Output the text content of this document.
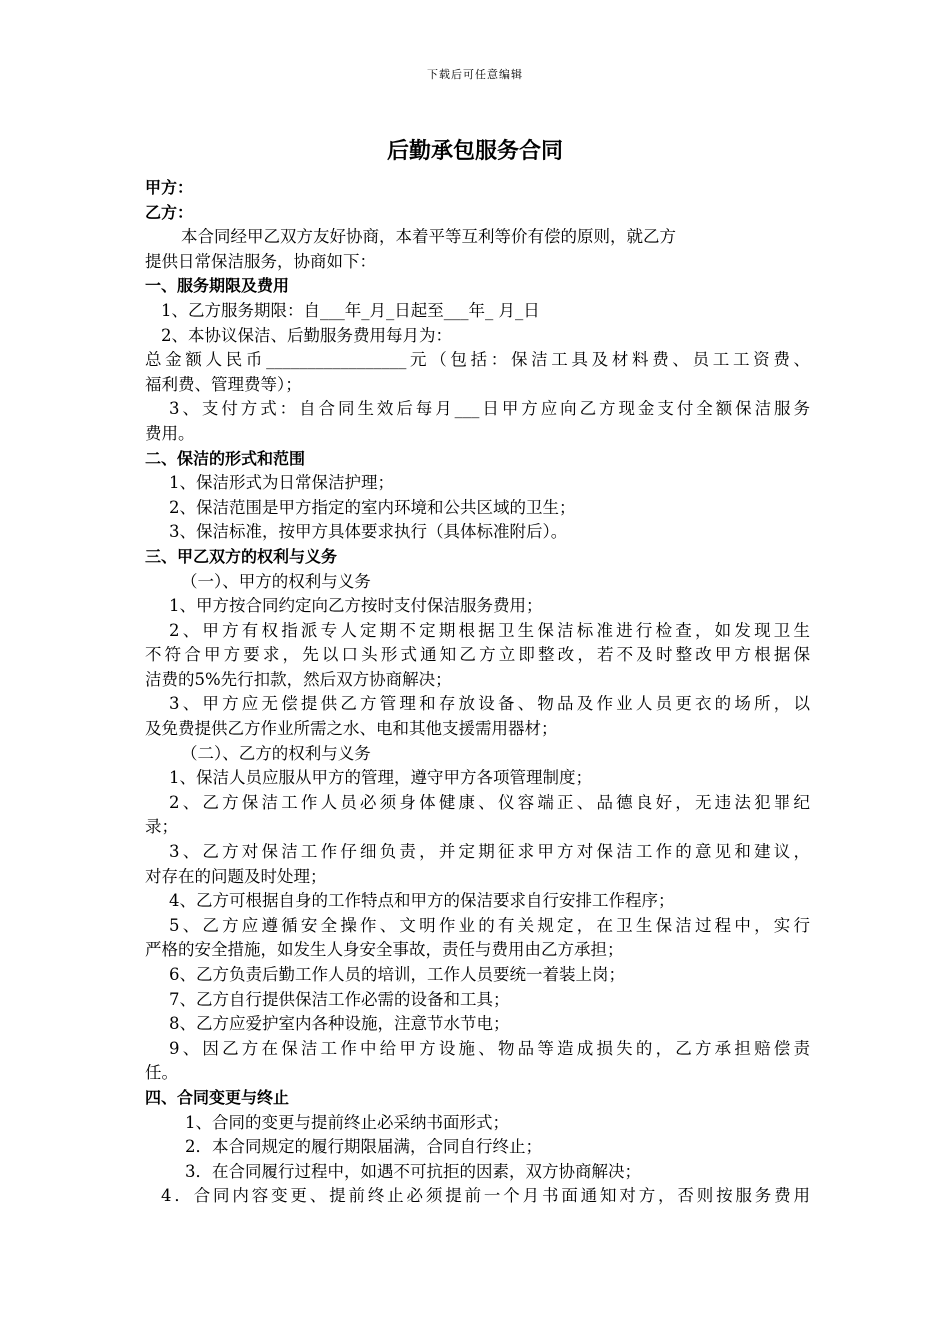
下载后可任意编辑
后勤承包服务合同
甲方：
乙方：
本合同经甲乙双方友好协商，本着平等互利等价有偿的原则，就乙方
提供日常保洁服务，协商如下：
一、服务期限及费用
1、乙方服务期限：自___年_月_日起至___年_ 月_日
2、本协议保洁、后勤服务费用每月为：
总金额人民币_________________元（包括：保洁工具及材料费、员工工资费、
福利费、管理费等）；
3、支付方式：自合同生效后每月___日甲方应向乙方现金支付全额保洁服务
费用。
二、保洁的形式和范围
1、保洁形式为日常保洁护理；
2、保洁范围是甲方指定的室内环境和公共区域的卫生；
3、保洁标准，按甲方具体要求执行（具体标准附后）。
三、甲乙双方的权利与义务
（一）、甲方的权利与义务
1、甲方按合同约定向乙方按时支付保洁服务费用；
2、甲方有权指派专人定期不定期根据卫生保洁标准进行检查，如发现卫生
不符合甲方要求，先以口头形式通知乙方立即整改，若不及时整改甲方根据保
洁费的5%先行扣款，然后双方协商解决；
3、甲方应无偿提供乙方管理和存放设备、物品及作业人员更衣的场所，以
及免费提供乙方作业所需之水、电和其他支援需用器材；
（二）、乙方的权利与义务
1、保洁人员应服从甲方的管理，遵守甲方各项管理制度；
2、乙方保洁工作人员必须身体健康、仪容端正、品德良好，无违法犯罪纪
录；
3、乙方对保洁工作仔细负责，并定期征求甲方对保洁工作的意见和建议，
对存在的问题及时处理；
4、乙方可根据自身的工作特点和甲方的保洁要求自行安排工作程序；
5、乙方应遵循安全操作、文明作业的有关规定，在卫生保洁过程中，实行
严格的安全措施，如发生人身安全事故，责任与费用由乙方承担；
6、乙方负责后勤工作人员的培训，工作人员要统一着装上岗；
7、乙方自行提供保洁工作必需的设备和工具；
8、乙方应爱护室内各种设施，注意节水节电；
9、因乙方在保洁工作中给甲方设施、物品等造成损失的，乙方承担赔偿责
任。
四、合同变更与终止
1、合同的变更与提前终止必采纳书面形式；
2．本合同规定的履行期限届满，合同自行终止；
3．在合同履行过程中，如遇不可抗拒的因素，双方协商解决；
4．合同内容变更、提前终止必须提前一个月书面通知对方，否则按服务费用
